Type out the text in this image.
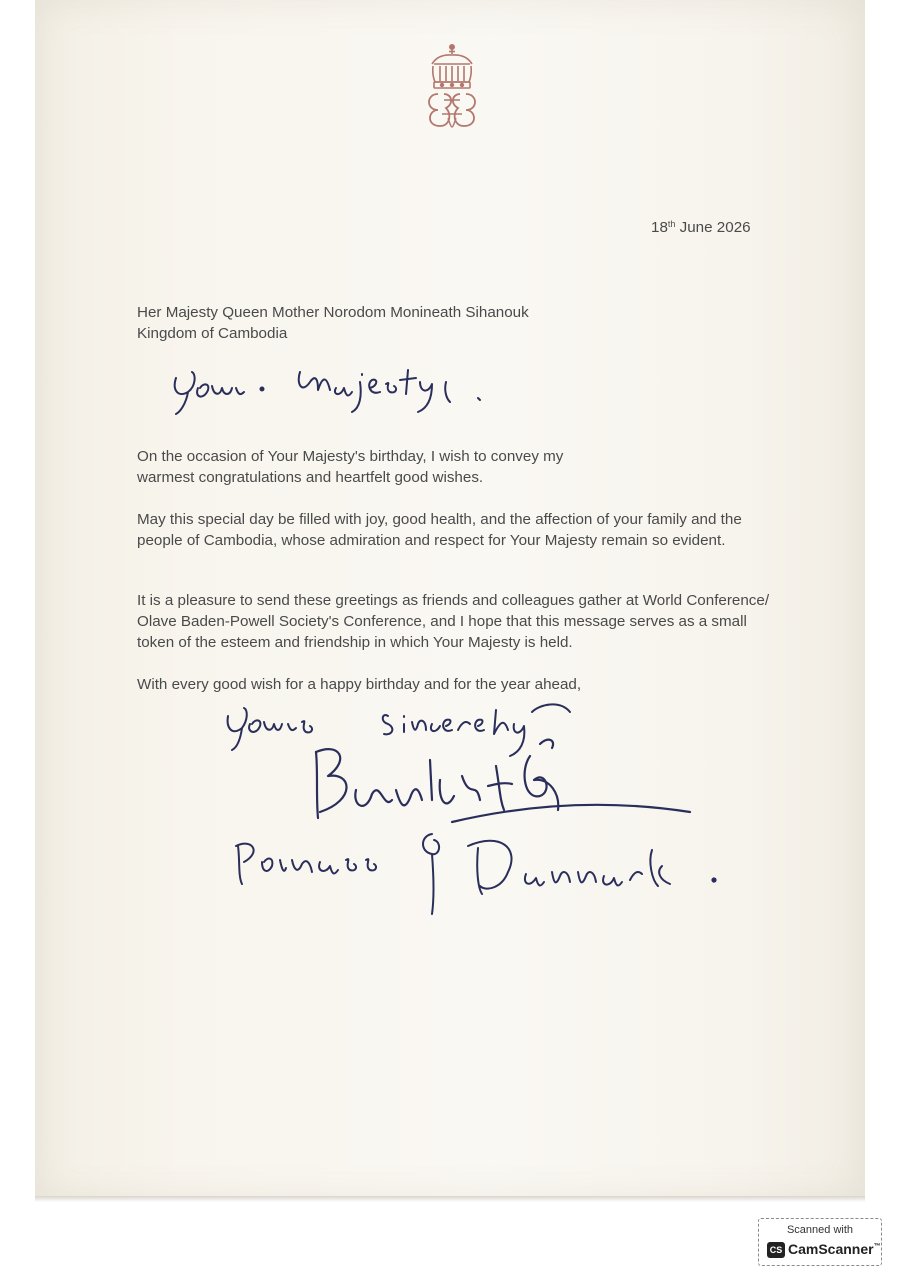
18th June 2026
Her Majesty Queen Mother Norodom Monineath Sihanouk
Kingdom of Cambodia
On the occasion of Your Majesty's birthday, I wish to convey my warmest congratulations and heartfelt good wishes.
May this special day be filled with joy, good health, and the affection of your family and the people of Cambodia, whose admiration and respect for Your Majesty remain so evident.
It is a pleasure to send these greetings as friends and colleagues gather at World Conference/ Olave Baden-Powell Society's Conference, and I hope that this message serves as a small token of the esteem and friendship in which Your Majesty is held.
With every good wish for a happy birthday and for the year ahead,
Scanned with
CS CamScanner™
